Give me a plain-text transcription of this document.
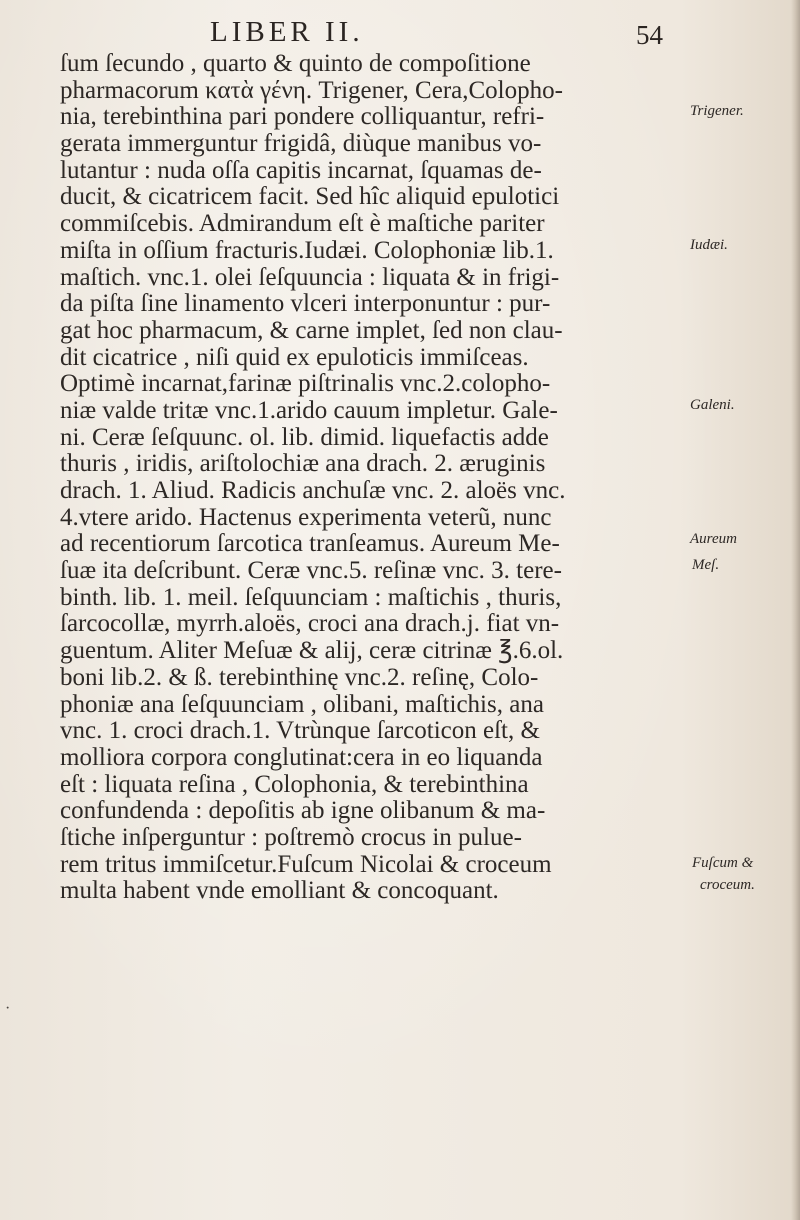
LIBER II.	54
ſum ſecundo , quarto & quinto de compoſitione
pharmacorum κατὰ γένη. Trigener, Cera,Colopho-
nia, terebinthina pari pondere colliquantur, refri-
gerata immerguntur frigidâ, diùque manibus vo-
lutantur : nuda oſſa capitis incarnat, ſquamas de-
ducit, & cicatricem facit. Sed hîc aliquid epulotici
commiſcebis. Admirandum eſt è maſtiche pariter
miſta in oſſium fracturis.Iudæi. Colophoniæ lib.1.
maſtich. vnc.1. olei ſeſquuncia : liquata & in frigi-
da piſta ſine linamento vlceri interponuntur : pur-
gat hoc pharmacum, & carne implet, ſed non clau-
dit cicatrice , niſi quid ex epuloticis immiſceas.
Optimè incarnat,farinæ piſtrinalis vnc.2.colopho-
niæ valde tritæ vnc.1.arido cauum impletur. Gale-
ni. Ceræ ſeſquunc. ol. lib. dimid. liquefactis adde
thuris , iridis, ariſtolochiæ ana drach. 2. æruginis
drach. 1. Aliud. Radicis anchuſæ vnc. 2. aloës vnc.
4.vtere arido. Hactenus experimenta veterũ, nunc
ad recentiorum ſarcotica tranſeamus. Aureum Me-
ſuæ ita deſcribunt. Ceræ vnc.5. reſinæ vnc. 3. tere-
binth. lib. 1. meil. ſeſquunciam : maſtichis , thuris,
ſarcocollæ, myrrh.aloës, croci ana drach.j. fiat vn-
guentum. Aliter Meſuæ & alij, ceræ citrinæ ℥.6.ol.
boni lib.2. & ß. terebinthinę vnc.2. reſinę, Colo-
phoniæ ana ſeſquunciam , olibani, maſtichis, ana
vnc. 1. croci drach.1. Vtrùnque ſarcoticon eſt, &
molliora corpora conglutinat:cera in eo liquanda
eſt : liquata reſina , Colophonia, & terebinthina
confundenda : depoſitis ab igne olibanum & ma-
ſtiche inſperguntur : poſtremò crocus in pulue-
rem tritus immiſcetur.Fuſcum Nicolai & croceum
multa habent vnde emolliant & concoquant.
Trigener.
Iudæi.
Galeni.
Aureum
Meſ.
Fuſcum &
croceum.
·
